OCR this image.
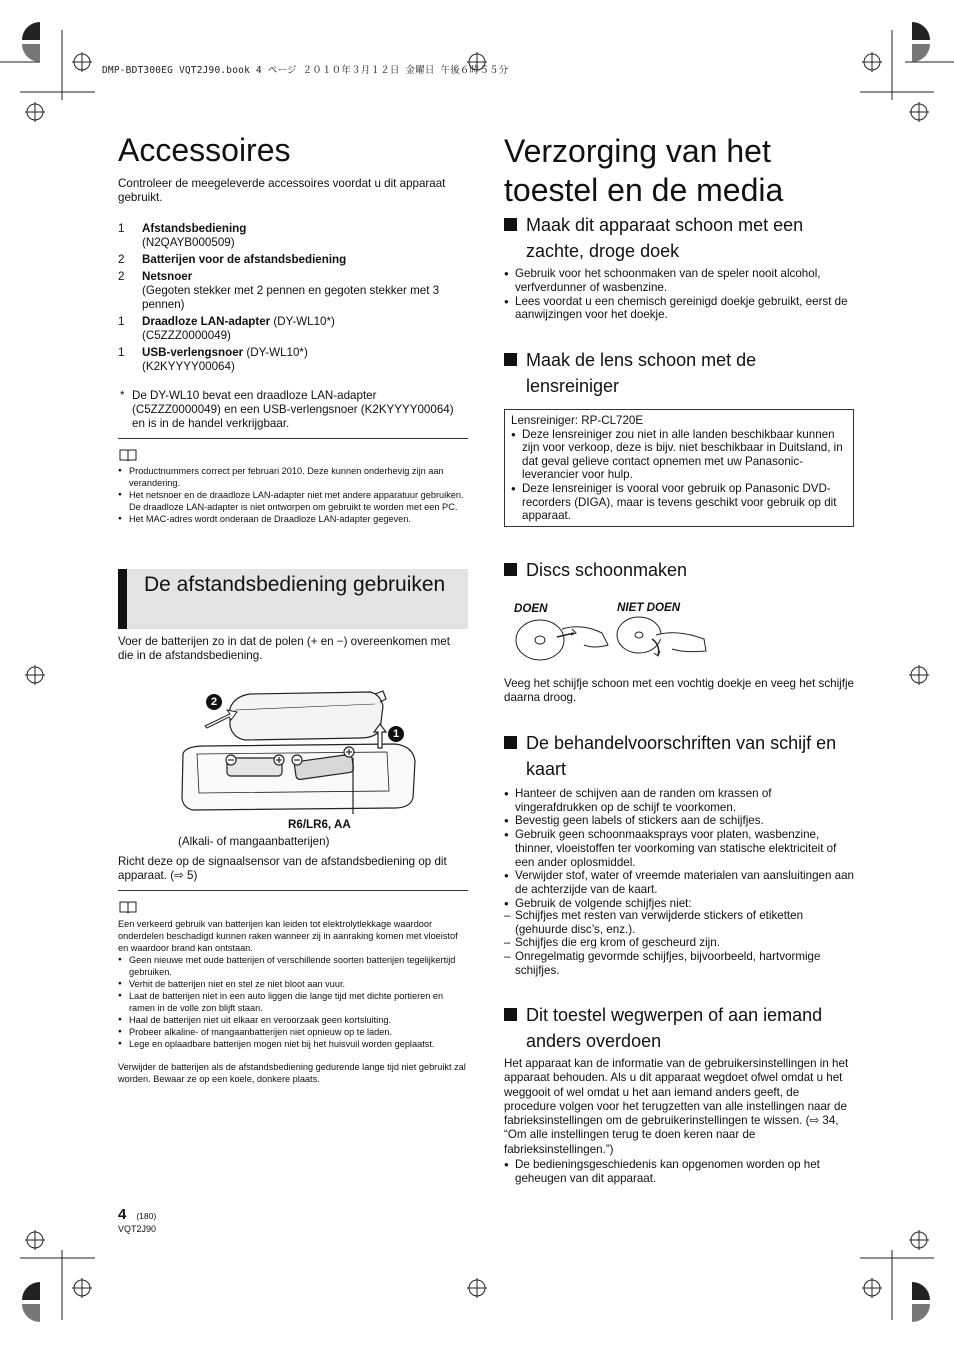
DMP-BDT300EG VQT2J90.book 4 ページ ２０１０年３月１２日 金曜日 午後６時５５分
Accessoires
Controleer de meegeleverde accessoires voordat u dit apparaat gebruikt.
1	Afstandsbediening
(N2QAYB000509)
2	Batterijen voor de afstandsbediening
2	Netsnoer
(Gegoten stekker met 2 pennen en gegoten stekker met 3 pennen)
1	Draadloze LAN-adapter (DY-WL10*)
(C5ZZZ0000049)
1	USB-verlengsnoer (DY-WL10*)
(K2KYYYY00064)
* De DY-WL10 bevat een draadloze LAN-adapter (C5ZZZ0000049) en een USB-verlengsnoer (K2KYYYY00064) en is in de handel verkrijgbaar.
● Productnummers correct per februari 2010. Deze kunnen onderhevig zijn aan verandering.
● Het netsnoer en de draadloze LAN-adapter niet met andere apparatuur gebruiken. De draadloze LAN-adapter is niet ontworpen om gebruikt te worden met een PC.
● Het MAC-adres wordt onderaan de Draadloze LAN-adapter gegeven.
De afstandsbediening gebruiken
Voer de batterijen zo in dat de polen (+ en −) overeenkomen met die in de afstandsbediening.
2
1
R6/LR6, AA
(Alkali- of mangaanbatterijen)
Richt deze op de signaalsensor van de afstandsbediening op dit apparaat. (⇨ 5)
Een verkeerd gebruik van batterijen kan leiden tot elektrolytlekkage waardoor onderdelen beschadigd kunnen raken wanneer zij in aanraking komen met vloeistof en waardoor brand kan ontstaan.
● Geen nieuwe met oude batterijen of verschillende soorten batterijen tegelijkertijd gebruiken.
● Verhit de batterijen niet en stel ze niet bloot aan vuur.
● Laat de batterijen niet in een auto liggen die lange tijd met dichte portieren en ramen in de volle zon blijft staan.
● Haal de batterijen niet uit elkaar en veroorzaak geen kortsluiting.
● Probeer alkaline- of mangaanbatterijen niet opnieuw op te laden.
● Lege en oplaadbare batterijen mogen niet bij het huisvuil worden geplaatst.
Verwijder de batterijen als de afstandsbediening gedurende lange tijd niet gebruikt zal worden. Bewaar ze op een koele, donkere plaats.
Verzorging van het toestel en de media
Maak dit apparaat schoon met een zachte, droge doek
● Gebruik voor het schoonmaken van de speler nooit alcohol, verfverdunner of wasbenzine.
● Lees voordat u een chemisch gereinigd doekje gebruikt, eerst de aanwijzingen voor het doekje.
Maak de lens schoon met de lensreiniger
Lensreiniger: RP-CL720E
● Deze lensreiniger zou niet in alle landen beschikbaar kunnen zijn voor verkoop, deze is bijv. niet beschikbaar in Duitsland, in dat geval gelieve contact opnemen met uw Panasonic-leverancier voor hulp.
● Deze lensreiniger is vooral voor gebruik op Panasonic DVD-recorders (DIGA), maar is tevens geschikt voor gebruik op dit apparaat.
Discs schoonmaken
DOEN	NIET DOEN
Veeg het schijfje schoon met een vochtig doekje en veeg het schijfje daarna droog.
De behandelvoorschriften van schijf en kaart
● Hanteer de schijven aan de randen om krassen of vingerafdrukken op de schijf te voorkomen.
● Bevestig geen labels of stickers aan de schijfjes.
● Gebruik geen schoonmaaksprays voor platen, wasbenzine, thinner, vloeistoffen ter voorkoming van statische elektriciteit of een ander oplosmiddel.
● Verwijder stof, water of vreemde materialen van aansluitingen aan de achterzijde van de kaart.
● Gebruik de volgende schijfjes niet:
– Schijfjes met resten van verwijderde stickers of etiketten (gehuurde disc’s, enz.).
– Schijfjes die erg krom of gescheurd zijn.
– Onregelmatig gevormde schijfjes, bijvoorbeeld, hartvormige schijfjes.
Dit toestel wegwerpen of aan iemand anders overdoen
Het apparaat kan de informatie van de gebruikersinstellingen in het apparaat behouden. Als u dit apparaat wegdoet ofwel omdat u het weggooit of wel omdat u het aan iemand anders geeft, de procedure volgen voor het terugzetten van alle instellingen naar de fabrieksinstellingen om de gebruikerinstellingen te wissen. (⇨ 34, “Om alle instellingen terug te doen keren naar de fabrieksinstellingen.”)
● De bedieningsgeschiedenis kan opgenomen worden op het geheugen van dit apparaat.
4 (180)
VQT2J90
